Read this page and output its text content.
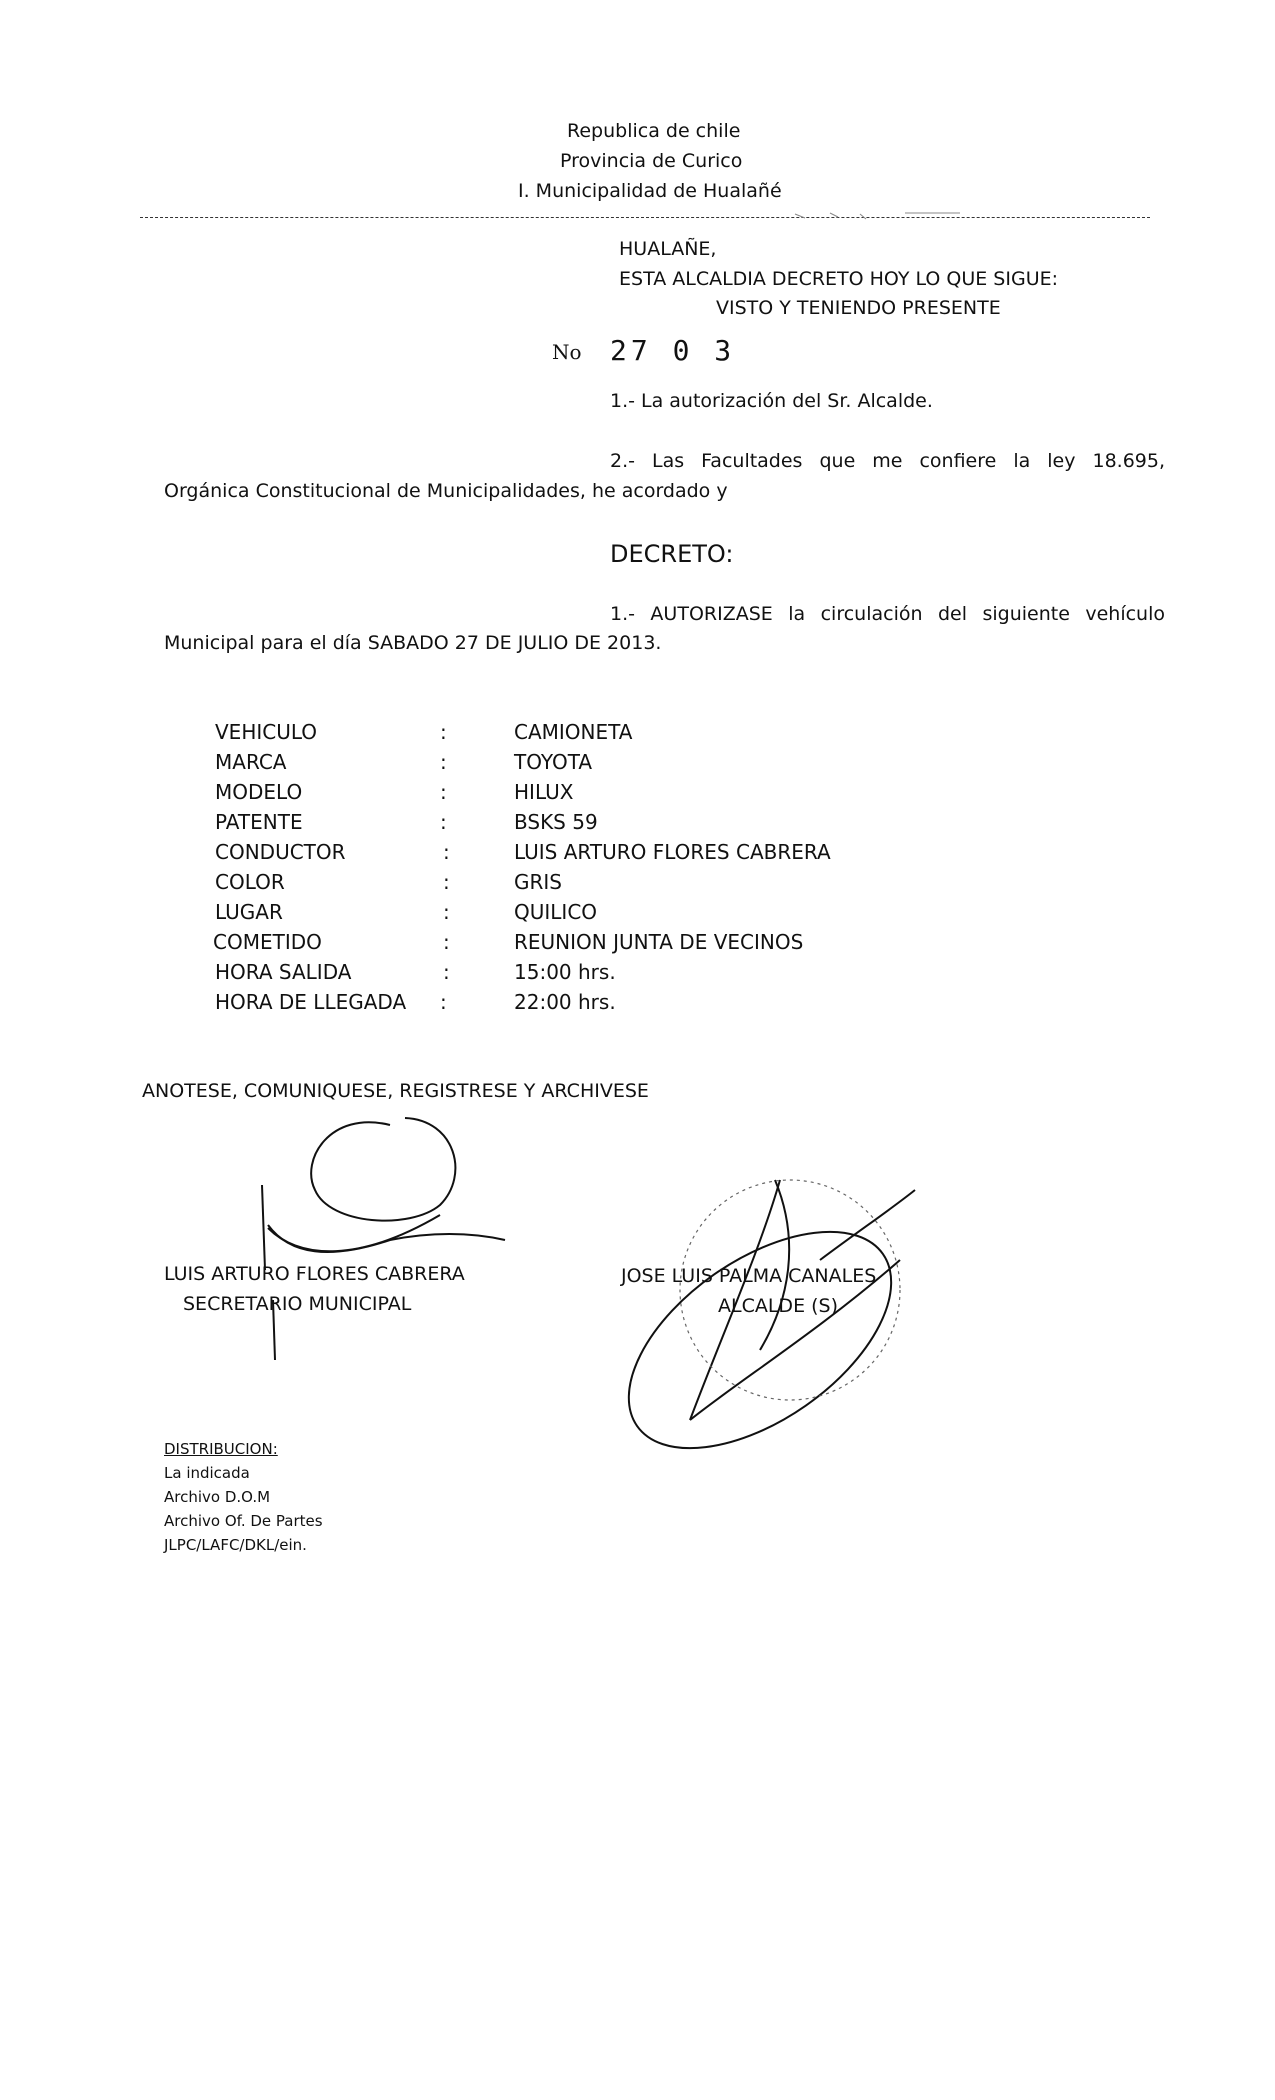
Republica de chile
Provincia de Curico
I. Municipalidad de Hualañé
HUALAÑE,
ESTA ALCALDIA DECRETO HOY LO QUE SIGUE:
VISTO Y TENIENDO PRESENTE
No 27 0 3
1.- La autorización del Sr. Alcalde.
2.- Las Facultades que me confiere la ley 18.695,
Orgánica Constitucional de Municipalidades, he acordado y
DECRETO:
1.- AUTORIZASE la circulación del siguiente vehículo
Municipal para el día SABADO 27 DE JULIO DE 2013.
VEHICULO	:	CAMIONETA
MARCA	:	TOYOTA
MODELO	:	HILUX
PATENTE	:	BSKS 59
CONDUCTOR	:	LUIS ARTURO FLORES CABRERA
COLOR	:	GRIS
LUGAR	:	QUILICO
COMETIDO	:	REUNION JUNTA DE VECINOS
HORA SALIDA	:	15:00 hrs.
HORA DE LLEGADA :	22:00 hrs.
ANOTESE, COMUNIQUESE, REGISTRESE Y ARCHIVESE
LUIS ARTURO FLORES CABRERA
SECRETARIO MUNICIPAL
JOSE LUIS PALMA CANALES
ALCALDE (S)
DISTRIBUCION:
La indicada
Archivo D.O.M
Archivo Of. De Partes
JLPC/LAFC/DKL/ein.
